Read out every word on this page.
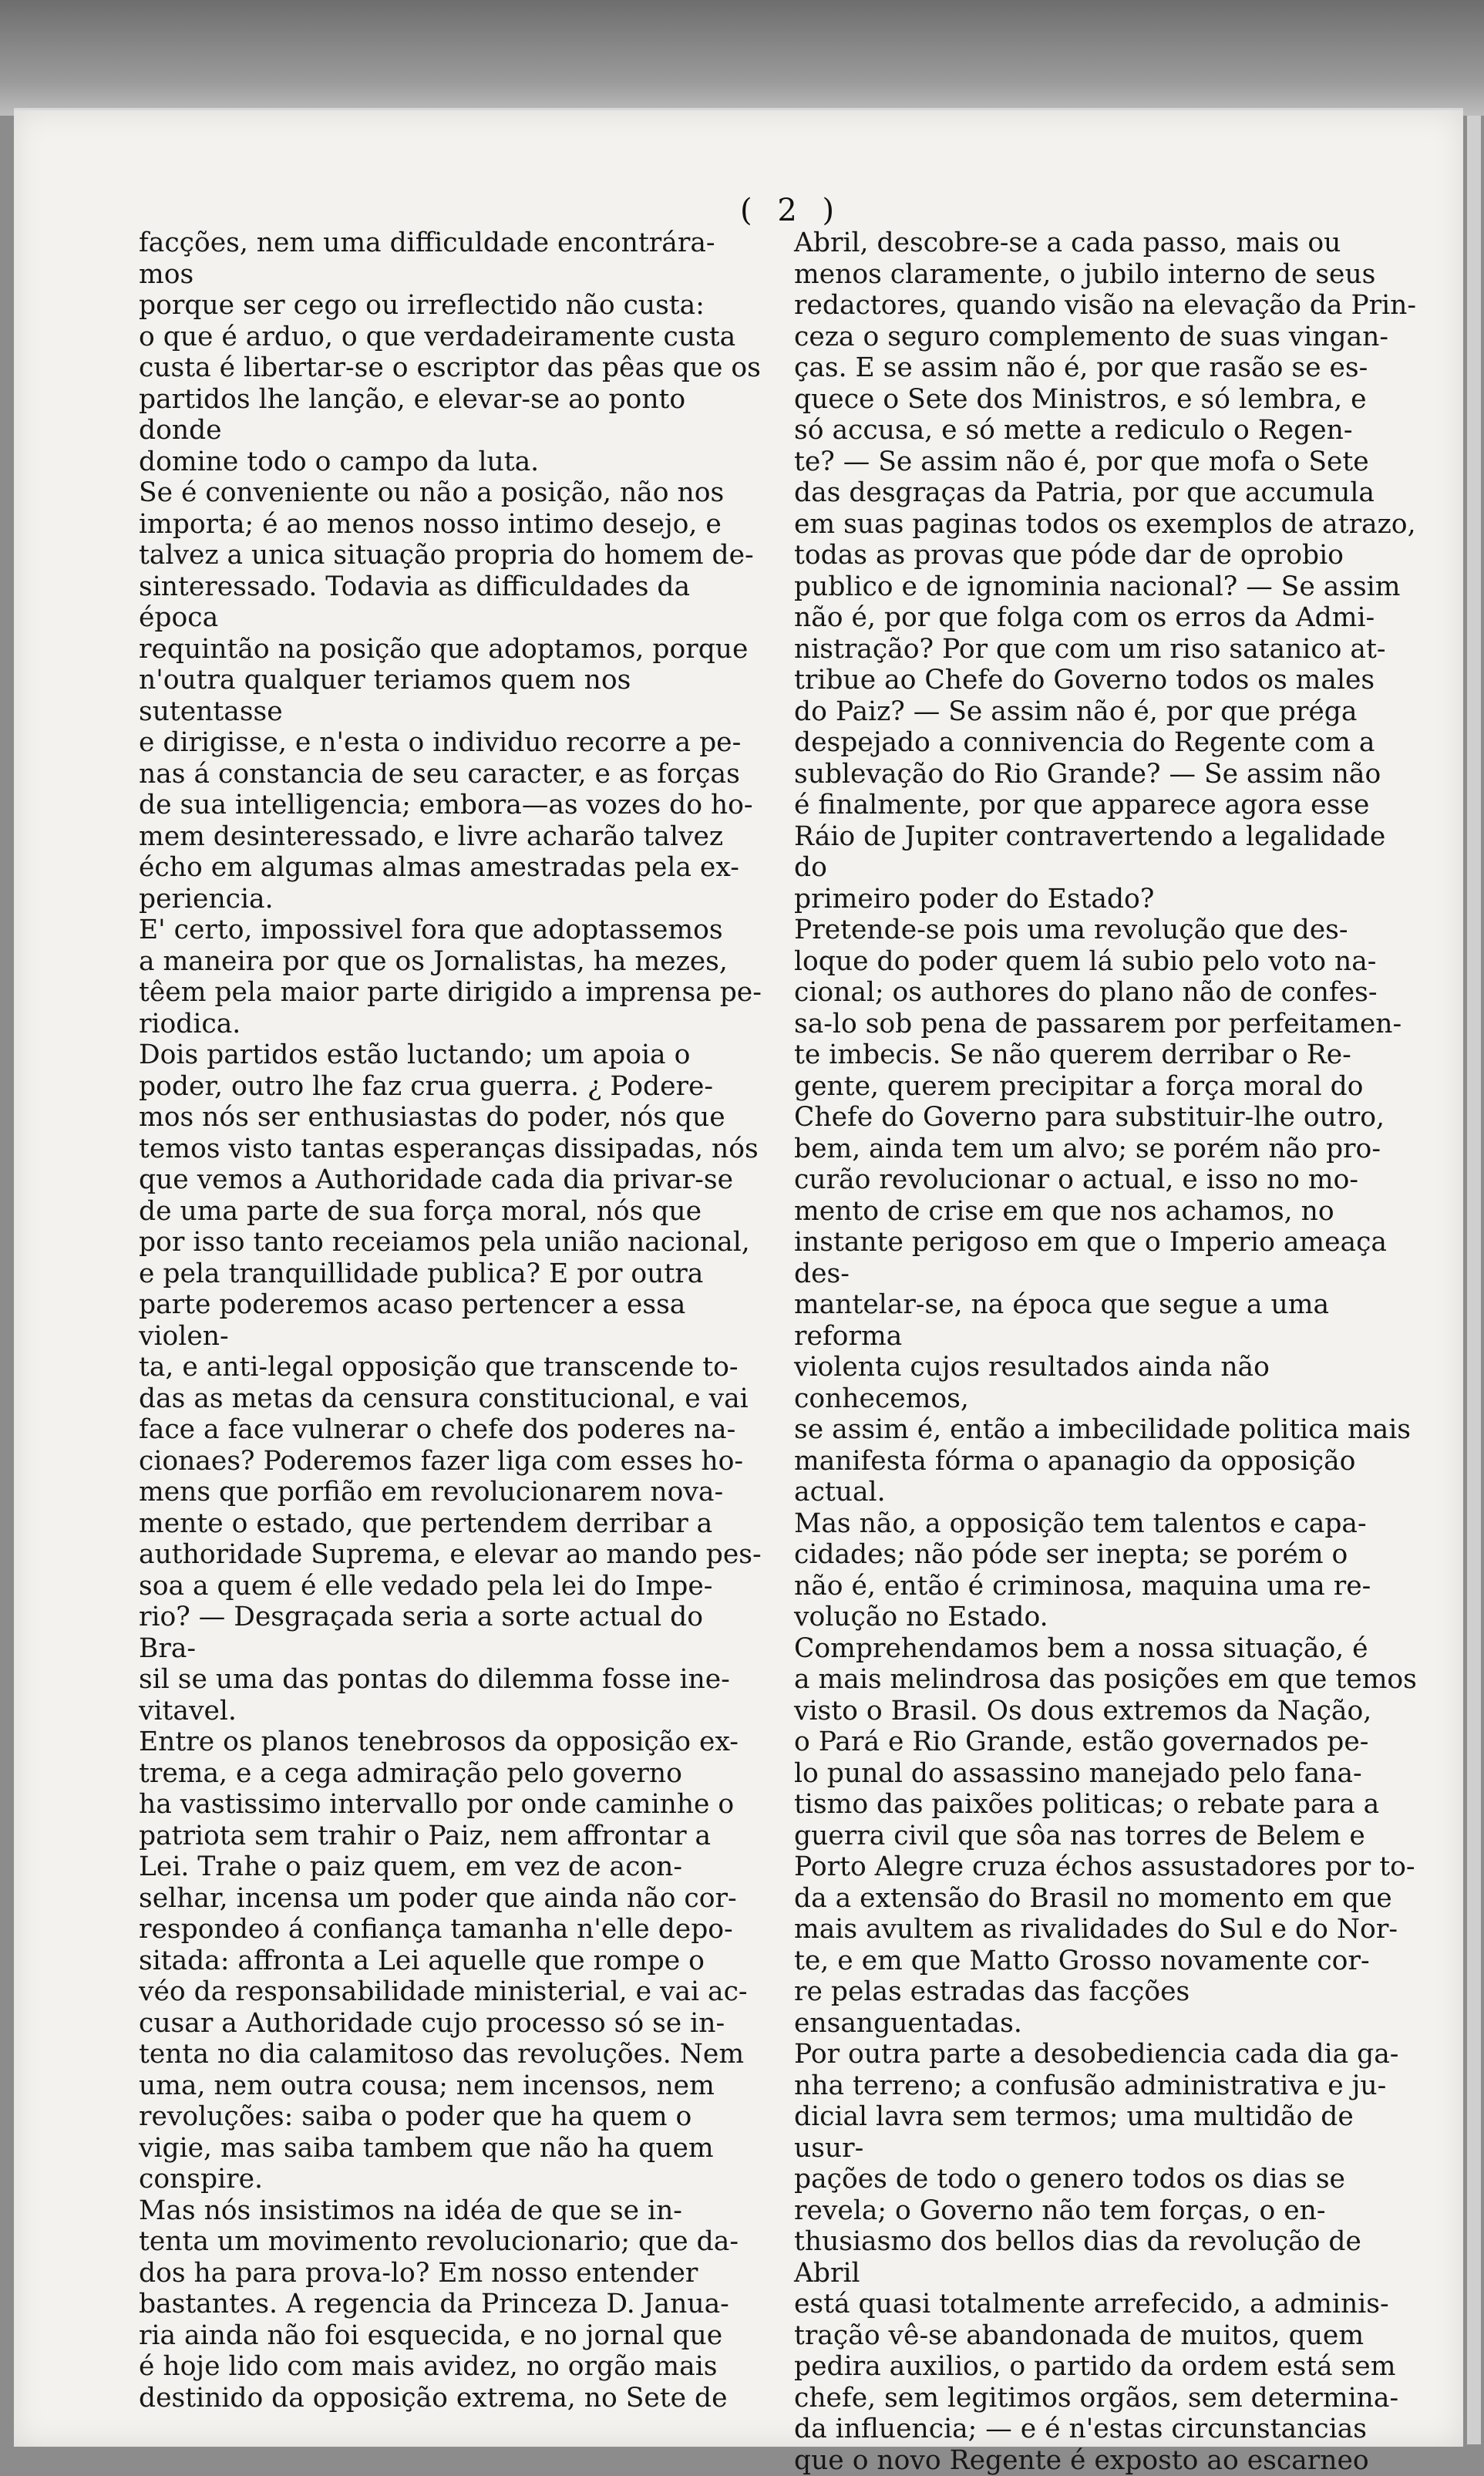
( 2 )

facções, nem uma difficuldade encontrára-mos
porque ser cego ou irreflectido não custa:
o que é arduo, o que verdadeiramente custa
custa é libertar-se o escriptor das pêas que os
partidos lhe lanção, e elevar-se ao ponto donde
domine todo o campo da luta.

Se é conveniente ou não a posição, não nos
importa; é ao menos nosso intimo desejo, e
talvez a unica situação propria do homem de-
sinteressado. Todavia as difficuldades da época
requintão na posição que adoptamos, porque
n'outra qualquer teriamos quem nos sutentasse
e dirigisse, e n'esta o individuo recorre a pe-
nas á constancia de seu caracter, e as forças
de sua intelligencia; embora—as vozes do ho-
mem desinteressado, e livre acharão talvez
écho em algumas almas amestradas pela ex-
periencia.

E' certo, impossivel fora que adoptassemos
a maneira por que os Jornalistas, ha mezes,
têem pela maior parte dirigido a imprensa pe-
riodica.

Dois partidos estão luctando; um apoia o
poder, outro lhe faz crua guerra. ¿ Podere-
mos nós ser enthusiastas do poder, nós que
temos visto tantas esperanças dissipadas, nós
que vemos a Authoridade cada dia privar-se
de uma parte de sua força moral, nós que
por isso tanto receiamos pela união nacional,
e pela tranquillidade publica? E por outra
parte poderemos acaso pertencer a essa violen-
ta, e anti-legal opposição que transcende to-
das as metas da censura constitucional, e vai
face a face vulnerar o chefe dos poderes na-
cionaes? Poderemos fazer liga com esses ho-
mens que porfião em revolucionarem nova-
mente o estado, que pertendem derribar a
authoridade Suprema, e elevar ao mando pes-
soa a quem é elle vedado pela lei do Impe-
rio? — Desgraçada seria a sorte actual do Bra-
sil se uma das pontas do dilemma fosse ine-
vitavel.

Entre os planos tenebrosos da opposição ex-
trema, e a cega admiração pelo governo
ha vastissimo intervallo por onde caminhe o
patriota sem trahir o Paiz, nem affrontar a
Lei. Trahe o paiz quem, em vez de acon-
selhar, incensa um poder que ainda não cor-
respondeo á confiança tamanha n'elle depo-
sitada: affronta a Lei aquelle que rompe o
véo da responsabilidade ministerial, e vai ac-
cusar a Authoridade cujo processo só se in-
tenta no dia calamitoso das revoluções. Nem
uma, nem outra cousa; nem incensos, nem
revoluções: saiba o poder que ha quem o
vigie, mas saiba tambem que não ha quem
conspire.

Mas nós insistimos na idéa de que se in-
tenta um movimento revolucionario; que da-
dos ha para prova-lo? Em nosso entender
bastantes. A regencia da Princeza D. Janua-
ria ainda não foi esquecida, e no jornal que
é hoje lido com mais avidez, no orgão mais
destinido da opposição extrema, no Sete de

Abril, descobre-se a cada passo, mais ou
menos claramente, o jubilo interno de seus
redactores, quando visão na elevação da Prin-
ceza o seguro complemento de suas vingan-
ças. E se assim não é, por que rasão se es-
quece o Sete dos Ministros, e só lembra, e
só accusa, e só mette a rediculo o Regen-
te? — Se assim não é, por que mofa o Sete
das desgraças da Patria, por que accumula
em suas paginas todos os exemplos de atrazo,
todas as provas que póde dar de oprobio
publico e de ignominia nacional? — Se assim
não é, por que folga com os erros da Admi-
nistração? Por que com um riso satanico at-
tribue ao Chefe do Governo todos os males
do Paiz? — Se assim não é, por que préga
despejado a connivencia do Regente com a
sublevação do Rio Grande? — Se assim não
é finalmente, por que apparece agora esse
Ráio de Jupiter contravertendo a legalidade do
primeiro poder do Estado?

Pretende-se pois uma revolução que des-
loque do poder quem lá subio pelo voto na-
cional; os authores do plano não de confes-
sa-lo sob pena de passarem por perfeitamen-
te imbecis. Se não querem derribar o Re-
gente, querem precipitar a força moral do
Chefe do Governo para substituir-lhe outro,
bem, ainda tem um alvo; se porém não pro-
curão revolucionar o actual, e isso no mo-
mento de crise em que nos achamos, no
instante perigoso em que o Imperio ameaça des-
mantelar-se, na época que segue a uma reforma
violenta cujos resultados ainda não conhecemos,
se assim é, então a imbecilidade politica mais
manifesta fórma o apanagio da opposição actual.
Mas não, a opposição tem talentos e capa-
cidades; não póde ser inepta; se porém o
não é, então é criminosa, maquina uma re-
volução no Estado.

Comprehendamos bem a nossa situação, é
a mais melindrosa das posições em que temos
visto o Brasil. Os dous extremos da Nação,
o Pará e Rio Grande, estão governados pe-
lo punal do assassino manejado pelo fana-
tismo das paixões politicas; o rebate para a
guerra civil que sôa nas torres de Belem e
Porto Alegre cruza échos assustadores por to-
da a extensão do Brasil no momento em que
mais avultem as rivalidades do Sul e do Nor-
te, e em que Matto Grosso novamente cor-
re pelas estradas das facções ensanguentadas.
Por outra parte a desobediencia cada dia ga-
nha terreno; a confusão administrativa e ju-
dicial lavra sem termos; uma multidão de usur-
pações de todo o genero todos os dias se
revela; o Governo não tem forças, o en-
thusiasmo dos bellos dias da revolução de Abril
está quasi totalmente arrefecido, a adminis-
tração vê-se abandonada de muitos, quem
pedira auxilios, o partido da ordem está sem
chefe, sem legitimos orgãos, sem determina-
da influencia; — e é n'estas circunstancias
que o novo Regente é exposto ao escarneo
